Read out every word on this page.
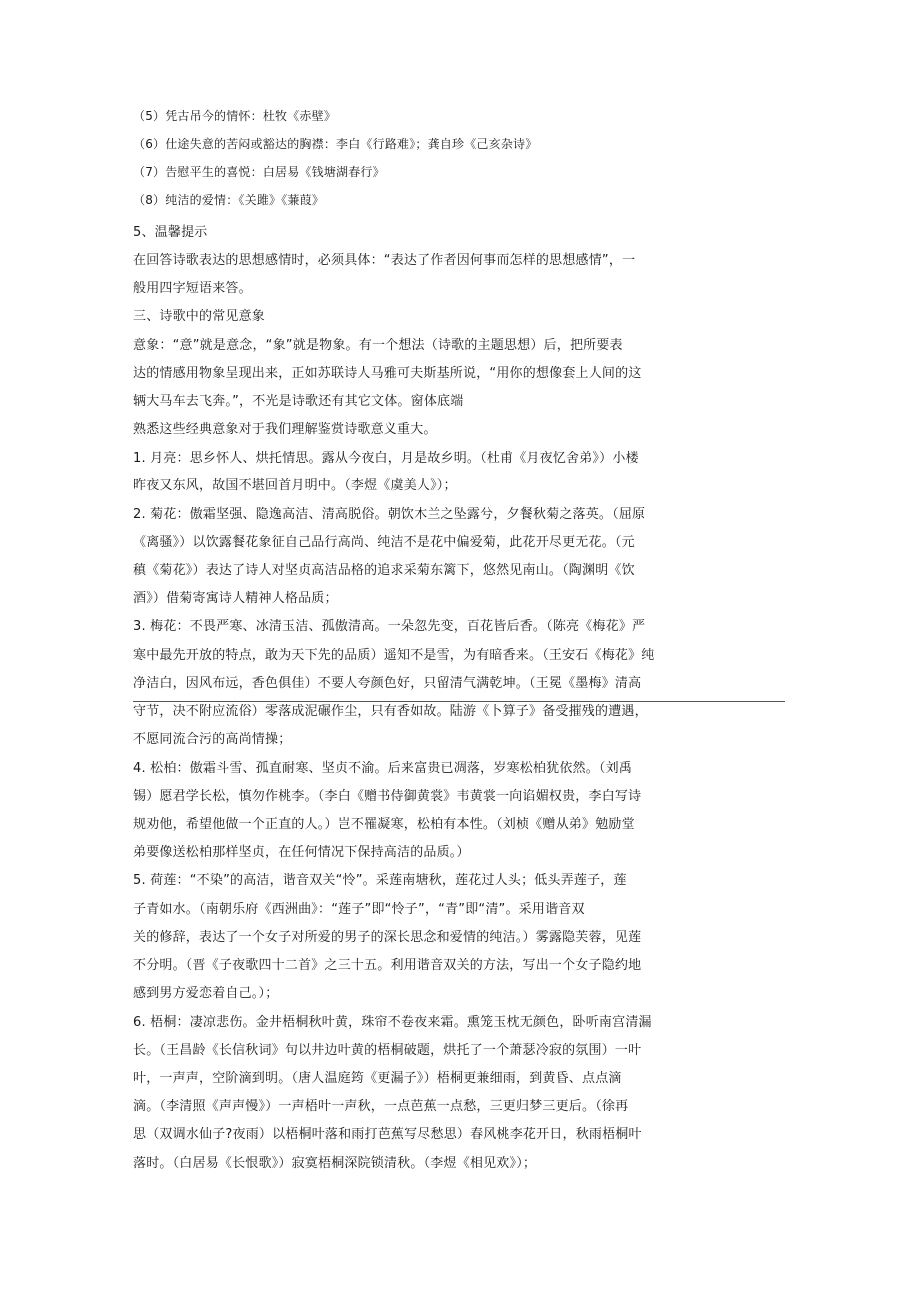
（5）凭古吊今的情怀：杜牧《赤壁》
（6）仕途失意的苦闷或豁达的胸襟：李白《行路难》；龚自珍《己亥杂诗》
（7）告慰平生的喜悦：白居易《钱塘湖春行》
（8）纯洁的爱情：《关雎》《蒹葭》
5、温馨提示
在回答诗歌表达的思想感情时，必须具体：“表达了作者因何事而怎样的思想感情”，一
般用四字短语来答。
三、诗歌中的常见意象
意象：“意”就是意念，“象”就是物象。有一个想法（诗歌的主题思想）后，把所要表
达的情感用物象呈现出来，正如苏联诗人马雅可夫斯基所说，“用你的想像套上人间的这
辆大马车去飞奔。”，不光是诗歌还有其它文体。窗体底端
熟悉这些经典意象对于我们理解鉴赏诗歌意义重大。
1. 月亮：思乡怀人、烘托情思。露从今夜白，月是故乡明。（杜甫《月夜忆舍弟》）小楼
昨夜又东风，故国不堪回首月明中。（李煜《虞美人》）；
2. 菊花：傲霜坚强、隐逸高洁、清高脱俗。朝饮木兰之坠露兮，夕餐秋菊之落英。（屈原
《离骚》）以饮露餐花象征自己品行高尚、纯洁不是花中偏爱菊，此花开尽更无花。（元
稹《菊花》）表达了诗人对坚贞高洁品格的追求采菊东篱下，悠然见南山。（陶渊明《饮
酒》）借菊寄寓诗人精神人格品质；
3. 梅花：不畏严寒、冰清玉洁、孤傲清高。一朵忽先变，百花皆后香。（陈亮《梅花》严
寒中最先开放的特点，敢为天下先的品质）遥知不是雪，为有暗香来。（王安石《梅花》纯
净洁白，因风布远，香色俱佳）不要人夸颜色好，只留清气满乾坤。（王冕《墨梅》清高
守节，决不附应流俗）零落成泥碾作尘，只有香如故。陆游《卜算子》备受摧残的遭遇，
不愿同流合污的高尚情操；
4. 松柏：傲霜斗雪、孤直耐寒、坚贞不渝。后来富贵已凋落，岁寒松柏犹依然。（刘禹
锡）愿君学长松，慎勿作桃李。（李白《赠书侍御黄裳》韦黄裳一向谄媚权贵，李白写诗
规劝他，希望他做一个正直的人。）岂不罹凝寒，松柏有本性。（刘桢《赠从弟》勉励堂
弟要像送松柏那样坚贞，在任何情况下保持高洁的品质。）
5. 荷莲：“不染”的高洁，谐音双关“怜”。采莲南塘秋，莲花过人头；低头弄莲子，莲
子青如水。（南朝乐府《西洲曲》：“莲子”即“怜子”，“青”即“清”。采用谐音双
关的修辞，表达了一个女子对所爱的男子的深长思念和爱情的纯洁。）雾露隐芙蓉，见莲
不分明。（晋《子夜歌四十二首》之三十五。利用谐音双关的方法，写出一个女子隐约地
感到男方爱恋着自己。）；
6. 梧桐：凄凉悲伤。金井梧桐秋叶黄，珠帘不卷夜来霜。熏笼玉枕无颜色，卧听南宫清漏
长。（王昌龄《长信秋词》句以井边叶黄的梧桐破题，烘托了一个萧瑟冷寂的氛围）一叶
叶，一声声，空阶滴到明。（唐人温庭筠《更漏子》）梧桐更兼细雨，到黄昏、点点滴
滴。（李清照《声声慢》）一声梧叶一声秋，一点芭蕉一点愁，三更归梦三更后。（徐再
思（双调水仙子?夜雨）以梧桐叶落和雨打芭蕉写尽愁思）春风桃李花开日，秋雨梧桐叶
落时。（白居易《长恨歌》）寂寞梧桐深院锁清秋。（李煜《相见欢》）；
